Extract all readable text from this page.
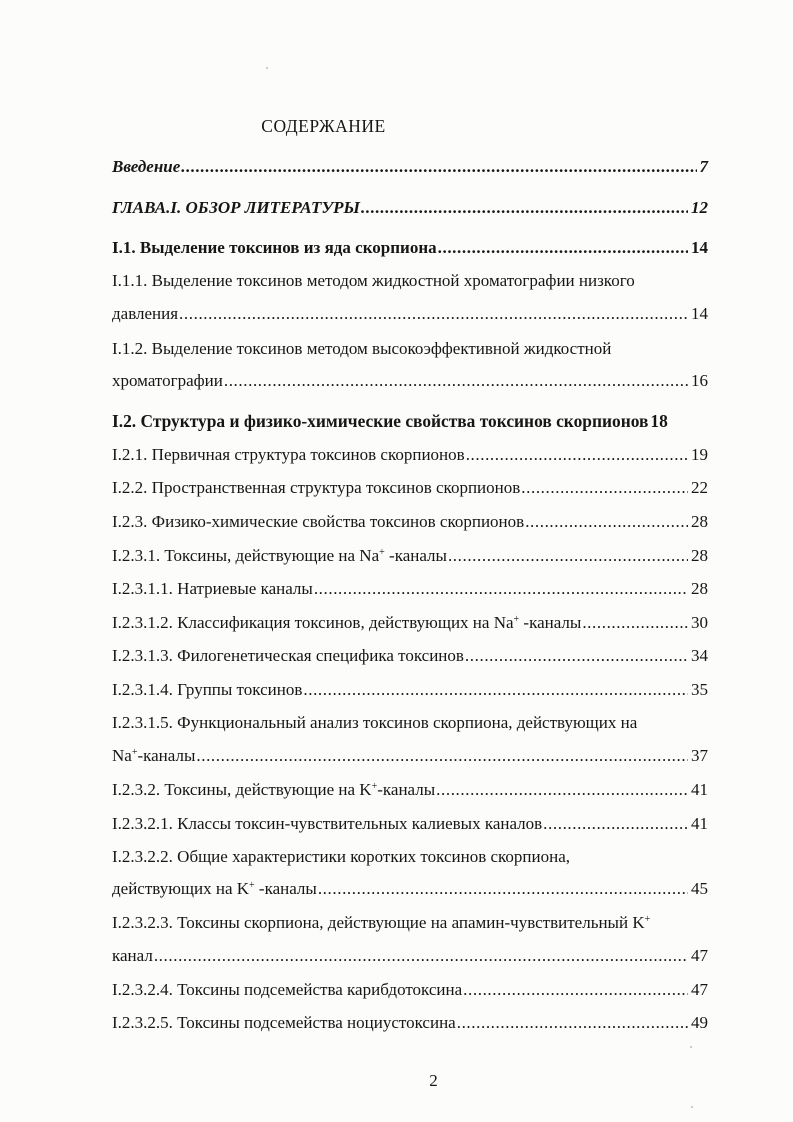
СОДЕРЖАНИЕ
Введение .....	7
ГЛАВА.I. ОБЗОР ЛИТЕРАТУРЫ .....	12
I.1. Выделение токсинов из яда скорпиона .....	14
I.1.1. Выделение токсинов методом жидкостной хроматографии низкого
давления .....	14
I.1.2. Выделение токсинов методом высокоэффективной жидкостной
хроматографии .....	16
I.2. Структура и физико-химические свойства токсинов скорпионов 18
I.2.1. Первичная структура токсинов скорпионов .....	19
I.2.2. Пространственная структура токсинов скорпионов .....	22
I.2.3. Физико-химические свойства токсинов скорпионов .....	28
I.2.3.1. Токсины, действующие на Na+ -каналы .....	28
I.2.3.1.1. Натриевые каналы .....	28
I.2.3.1.2. Классификация токсинов, действующих на Na+ -каналы .....	30
I.2.3.1.3. Филогенетическая специфика токсинов .....	34
I.2.3.1.4. Группы токсинов .....	35
I.2.3.1.5. Функциональный анализ токсинов скорпиона, действующих на
Na+-каналы .....	37
I.2.3.2. Токсины, действующие на K+-каналы .....	41
I.2.3.2.1. Классы токсин-чувствительных калиевых каналов .....	41
I.2.3.2.2. Общие характеристики коротких токсинов скорпиона,
действующих на K+ -каналы .....	45
I.2.3.2.3. Токсины скорпиона, действующие на апамин-чувствительный K+
канал .....	47
I.2.3.2.4. Токсины подсемейства карибдотоксина .....	47
I.2.3.2.5. Токсины подсемейства ноциустоксина .....	49
2
